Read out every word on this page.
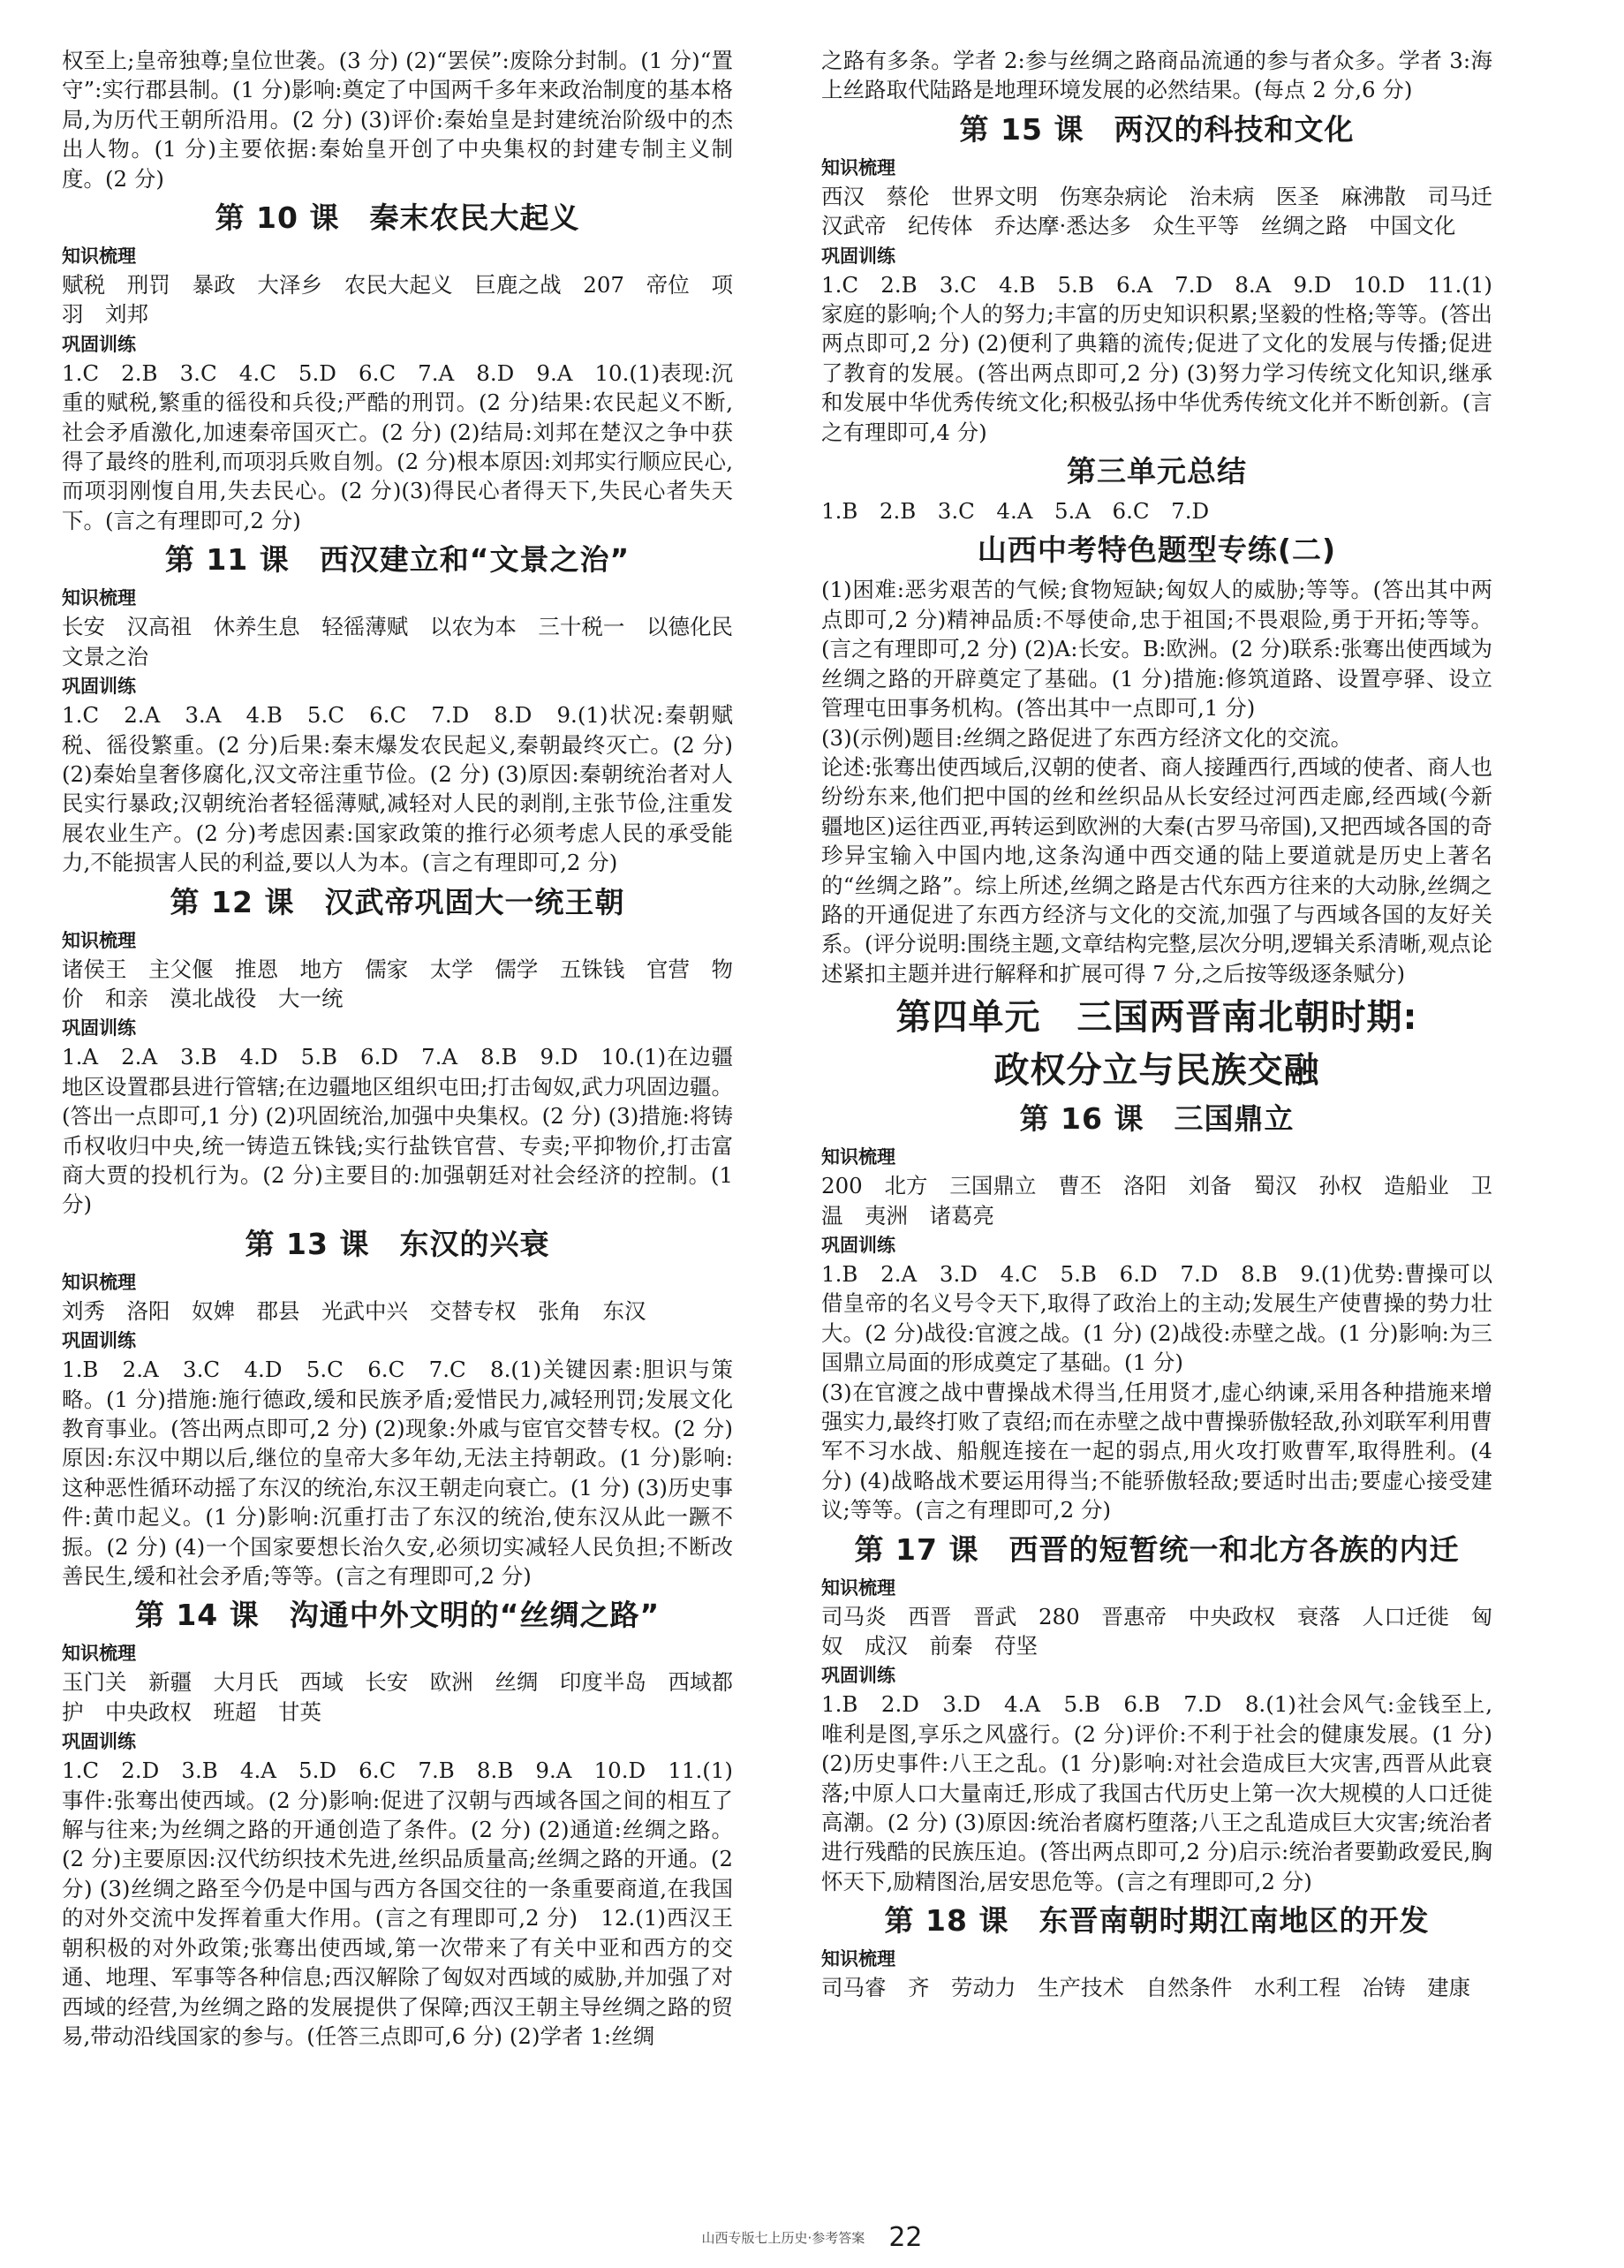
权至上;皇帝独尊;皇位世袭。(3 分) (2)“罢侯”:废除分封制。(1 分)“置守”:实行郡县制。(1 分)影响:奠定了中国两千多年来政治制度的基本格局,为历代王朝所沿用。(2 分) (3)评价:秦始皇是封建统治阶级中的杰出人物。(1 分)主要依据:秦始皇开创了中央集权的封建专制主义制度。(2 分)

第 10 课　秦末农民大起义
知识梳理

赋税　刑罚　暴政　大泽乡　农民大起义　巨鹿之战　207　帝位　项羽　刘邦

巩固训练

1.C　2.B　3.C　4.C　5.D　6.C　7.A　8.D　9.A　10.(1)表现:沉重的赋税,繁重的徭役和兵役;严酷的刑罚。(2 分)结果:农民起义不断,社会矛盾激化,加速秦帝国灭亡。(2 分) (2)结局:刘邦在楚汉之争中获得了最终的胜利,而项羽兵败自刎。(2 分)根本原因:刘邦实行顺应民心,而项羽刚愎自用,失去民心。(2 分)(3)得民心者得天下,失民心者失天下。(言之有理即可,2 分)

第 11 课　西汉建立和“文景之治”
知识梳理

长安　汉高祖　休养生息　轻徭薄赋　以农为本　三十税一　以德化民　文景之治

巩固训练

1.C　2.A　3.A　4.B　5.C　6.C　7.D　8.D　9.(1)状况:秦朝赋税、徭役繁重。(2 分)后果:秦末爆发农民起义,秦朝最终灭亡。(2 分) (2)秦始皇奢侈腐化,汉文帝注重节俭。(2 分) (3)原因:秦朝统治者对人民实行暴政;汉朝统治者轻徭薄赋,减轻对人民的剥削,主张节俭,注重发展农业生产。(2 分)考虑因素:国家政策的推行必须考虑人民的承受能力,不能损害人民的利益,要以人为本。(言之有理即可,2 分)

第 12 课　汉武帝巩固大一统王朝
知识梳理

诸侯王　主父偃　推恩　地方　儒家　太学　儒学　五铢钱　官营　物价　和亲　漠北战役　大一统

巩固训练

1.A　2.A　3.B　4.D　5.B　6.D　7.A　8.B　9.D　10.(1)在边疆地区设置郡县进行管辖;在边疆地区组织屯田;打击匈奴,武力巩固边疆。(答出一点即可,1 分) (2)巩固统治,加强中央集权。(2 分) (3)措施:将铸币权收归中央,统一铸造五铢钱;实行盐铁官营、专卖;平抑物价,打击富商大贾的投机行为。(2 分)主要目的:加强朝廷对社会经济的控制。(1 分)

第 13 课　东汉的兴衰
知识梳理

刘秀　洛阳　奴婢　郡县　光武中兴　交替专权　张角　东汉

巩固训练

1.B　2.A　3.C　4.D　5.C　6.C　7.C　8.(1)关键因素:胆识与策略。(1 分)措施:施行德政,缓和民族矛盾;爱惜民力,减轻刑罚;发展文化教育事业。(答出两点即可,2 分) (2)现象:外戚与宦官交替专权。(2 分)原因:东汉中期以后,继位的皇帝大多年幼,无法主持朝政。(1 分)影响:这种恶性循环动摇了东汉的统治,东汉王朝走向衰亡。(1 分) (3)历史事件:黄巾起义。(1 分)影响:沉重打击了东汉的统治,使东汉从此一蹶不振。(2 分) (4)一个国家要想长治久安,必须切实减轻人民负担;不断改善民生,缓和社会矛盾;等等。(言之有理即可,2 分)

第 14 课　沟通中外文明的“丝绸之路”
知识梳理

玉门关　新疆　大月氏　西域　长安　欧洲　丝绸　印度半岛　西域都护　中央政权　班超　甘英

巩固训练

1.C　2.D　3.B　4.A　5.D　6.C　7.B　8.B　9.A　10.D　11.(1)事件:张骞出使西域。(2 分)影响:促进了汉朝与西域各国之间的相互了解与往来;为丝绸之路的开通创造了条件。(2 分) (2)通道:丝绸之路。(2 分)主要原因:汉代纺织技术先进,丝织品质量高;丝绸之路的开通。(2 分) (3)丝绸之路至今仍是中国与西方各国交往的一条重要商道,在我国的对外交流中发挥着重大作用。(言之有理即可,2 分)　12.(1)西汉王朝积极的对外政策;张骞出使西域,第一次带来了有关中亚和西方的交通、地理、军事等各种信息;西汉解除了匈奴对西域的威胁,并加强了对西域的经营,为丝绸之路的发展提供了保障;西汉王朝主导丝绸之路的贸易,带动沿线国家的参与。(任答三点即可,6 分) (2)学者 1:丝绸

之路有多条。学者 2:参与丝绸之路商品流通的参与者众多。学者 3:海上丝路取代陆路是地理环境发展的必然结果。(每点 2 分,6 分)

第 15 课　两汉的科技和文化
知识梳理

西汉　蔡伦　世界文明　伤寒杂病论　治未病　医圣　麻沸散　司马迁　汉武帝　纪传体　乔达摩·悉达多　众生平等　丝绸之路　中国文化

巩固训练

1.C　2.B　3.C　4.B　5.B　6.A　7.D　8.A　9.D　10.D　11.(1)家庭的影响;个人的努力;丰富的历史知识积累;坚毅的性格;等等。(答出两点即可,2 分) (2)便利了典籍的流传;促进了文化的发展与传播;促进了教育的发展。(答出两点即可,2 分) (3)努力学习传统文化知识,继承和发展中华优秀传统文化;积极弘扬中华优秀传统文化并不断创新。(言之有理即可,4 分)

第三单元总结

1.B　2.B　3.C　4.A　5.A　6.C　7.D

山西中考特色题型专练(二)

(1)困难:恶劣艰苦的气候;食物短缺;匈奴人的威胁;等等。(答出其中两点即可,2 分)精神品质:不辱使命,忠于祖国;不畏艰险,勇于开拓;等等。(言之有理即可,2 分) (2)A:长安。B:欧洲。(2 分)联系:张骞出使西域为丝绸之路的开辟奠定了基础。(1 分)措施:修筑道路、设置亭驿、设立管理屯田事务机构。(答出其中一点即可,1 分)

(3)(示例)题目:丝绸之路促进了东西方经济文化的交流。

论述:张骞出使西域后,汉朝的使者、商人接踵西行,西域的使者、商人也纷纷东来,他们把中国的丝和丝织品从长安经过河西走廊,经西域(今新疆地区)运往西亚,再转运到欧洲的大秦(古罗马帝国),又把西域各国的奇珍异宝输入中国内地,这条沟通中西交通的陆上要道就是历史上著名的“丝绸之路”。综上所述,丝绸之路是古代东西方往来的大动脉,丝绸之路的开通促进了东西方经济与文化的交流,加强了与西域各国的友好关系。(评分说明:围绕主题,文章结构完整,层次分明,逻辑关系清晰,观点论述紧扣主题并进行解释和扩展可得 7 分,之后按等级逐条赋分)

第四单元　三国两晋南北朝时期:
政权分立与民族交融
第 16 课　三国鼎立
知识梳理

200　北方　三国鼎立　曹丕　洛阳　刘备　蜀汉　孙权　造船业　卫温　夷洲　诸葛亮

巩固训练

1.B　2.A　3.D　4.C　5.B　6.D　7.D　8.B　9.(1)优势:曹操可以借皇帝的名义号令天下,取得了政治上的主动;发展生产使曹操的势力壮大。(2 分)战役:官渡之战。(1 分) (2)战役:赤壁之战。(1 分)影响:为三国鼎立局面的形成奠定了基础。(1 分)

(3)在官渡之战中曹操战术得当,任用贤才,虚心纳谏,采用各种措施来增强实力,最终打败了袁绍;而在赤壁之战中曹操骄傲轻敌,孙刘联军利用曹军不习水战、船舰连接在一起的弱点,用火攻打败曹军,取得胜利。(4 分) (4)战略战术要运用得当;不能骄傲轻敌;要适时出击;要虚心接受建议;等等。(言之有理即可,2 分)

第 17 课　西晋的短暂统一和北方各族的内迁
知识梳理

司马炎　西晋　晋武　280　晋惠帝　中央政权　衰落　人口迁徙　匈奴　成汉　前秦　苻坚

巩固训练

1.B　2.D　3.D　4.A　5.B　6.B　7.D　8.(1)社会风气:金钱至上,唯利是图,享乐之风盛行。(2 分)评价:不利于社会的健康发展。(1 分) (2)历史事件:八王之乱。(1 分)影响:对社会造成巨大灾害,西晋从此衰落;中原人口大量南迁,形成了我国古代历史上第一次大规模的人口迁徙高潮。(2 分) (3)原因:统治者腐朽堕落;八王之乱造成巨大灾害;统治者进行残酷的民族压迫。(答出两点即可,2 分)启示:统治者要勤政爱民,胸怀天下,励精图治,居安思危等。(言之有理即可,2 分)

第 18 课　东晋南朝时期江南地区的开发
知识梳理

司马睿　齐　劳动力　生产技术　自然条件　水利工程　冶铸　建康

山西专版七上历史·参考答案 22
